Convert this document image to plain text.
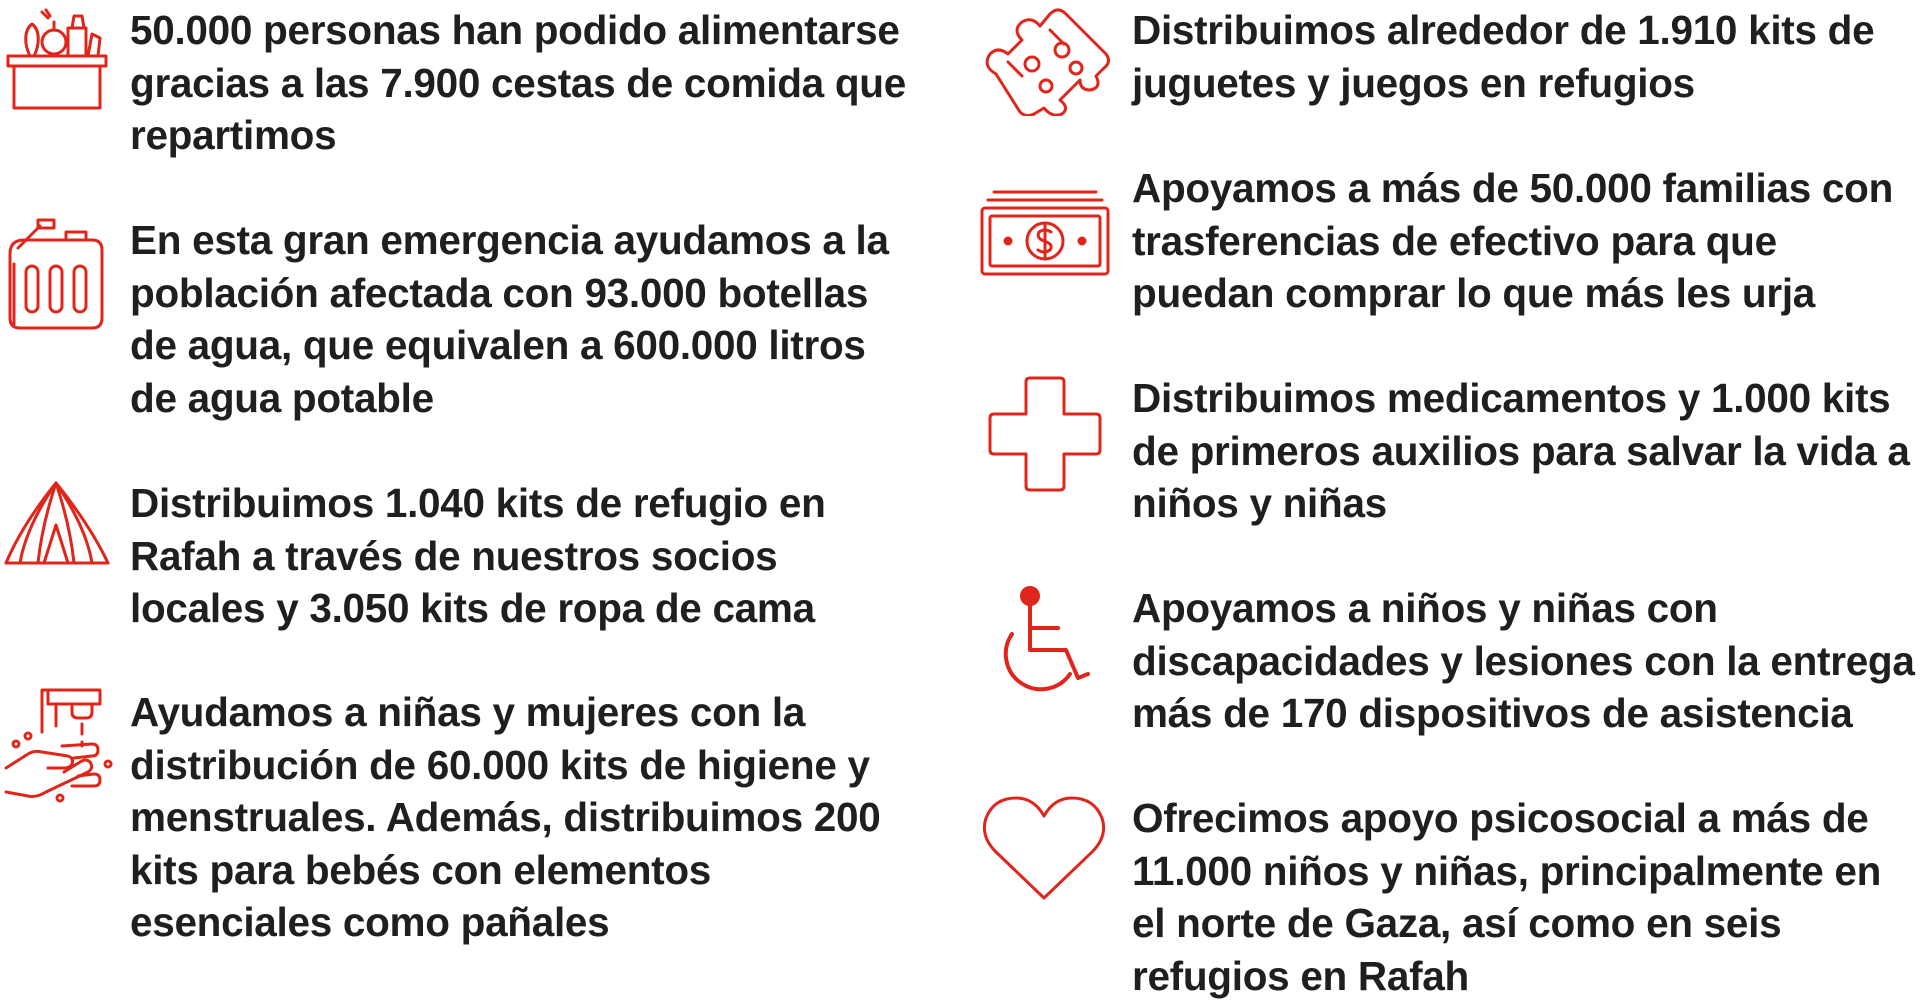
50.000 personas han podido alimentarse gracias a las 7.900 cestas de comida que repartimos

En esta gran emergencia ayudamos a la población afectada con 93.000 botellas de agua, que equivalen a 600.000 litros de agua potable

Distribuimos 1.040 kits de refugio en Rafah a través de nuestros socios locales y 3.050 kits de ropa de cama

Ayudamos a niñas y mujeres con la distribución de 60.000 kits de higiene y menstruales. Además, distribuimos 200 kits para bebés con elementos esenciales como pañales

Distribuimos alrededor de 1.910 kits de juguetes y juegos en refugios

Apoyamos a más de 50.000 familias con trasferencias de efectivo para que puedan comprar lo que más les urja

Distribuimos medicamentos y 1.000 kits de primeros auxilios para salvar la vida a niños y niñas

Apoyamos a niños y niñas con discapacidades y lesiones con la entrega más de 170 dispositivos de asistencia

Ofrecimos apoyo psicosocial a más de 11.000 niños y niñas, principalmente en el norte de Gaza, así como en seis refugios en Rafah
